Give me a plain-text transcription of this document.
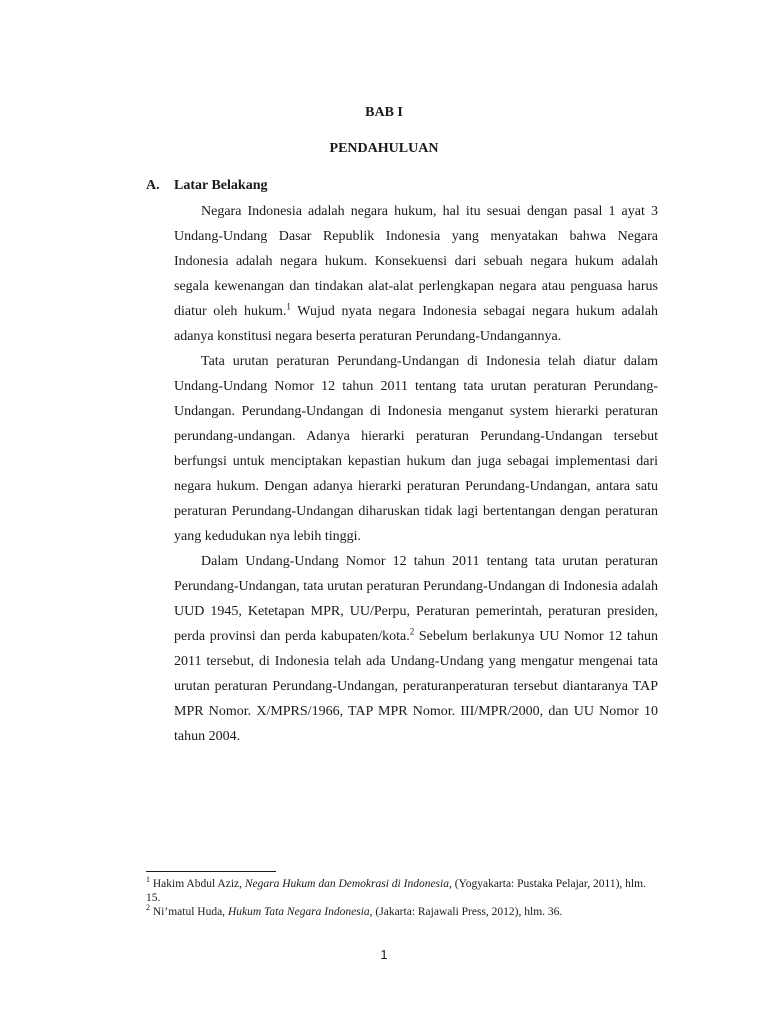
BAB I
PENDAHULUAN
A. Latar Belakang

Negara Indonesia adalah negara hukum, hal itu sesuai dengan pasal 1 ayat 3 Undang-Undang Dasar Republik Indonesia yang menyatakan bahwa Negara Indonesia adalah negara hukum. Konsekuensi dari sebuah negara hukum adalah segala kewenangan dan tindakan alat-alat perlengkapan negara atau penguasa harus diatur oleh hukum.$^1$ Wujud nyata negara Indonesia sebagai negara hukum adalah adanya konstitusi negara beserta peraturan Perundang-Undangannya.

Tata urutan peraturan Perundang-Undangan di Indonesia telah diatur dalam Undang-Undang Nomor 12 tahun 2011 tentang tata urutan peraturan Perundang-Undangan. Perundang-Undangan di Indonesia menganut system hierarki peraturan perundang-undangan. Adanya hierarki peraturan Perundang-Undangan tersebut berfungsi untuk menciptakan kepastian hukum dan juga sebagai implementasi dari negara hukum. Dengan adanya hierarki peraturan Perundang-Undangan, antara satu peraturan Perundang-Undangan diharuskan tidak lagi bertentangan dengan peraturan yang kedudukan nya lebih tinggi.

Dalam Undang-Undang Nomor 12 tahun 2011 tentang tata urutan peraturan Perundang-Undangan, tata urutan peraturan Perundang-Undangan di Indonesia adalah UUD 1945, Ketetapan MPR, UU/Perpu, Peraturan pemerintah, peraturan presiden, perda provinsi dan perda kabupaten/kota.$^2$ Sebelum berlakunya UU Nomor 12 tahun 2011 tersebut, di Indonesia telah ada Undang-Undang yang mengatur mengenai tata urutan peraturan Perundang-Undangan, peraturanperaturan tersebut diantaranya TAP MPR Nomor. X/MPRS/1966, TAP MPR Nomor. III/MPR/2000, dan UU Nomor 10 tahun 2004.

$^1$ Hakim Abdul Aziz, Negara Hukum dan Demokrasi di Indonesia, (Yogyakarta: Pustaka Pelajar, 2011), hlm. 15.

$^2$ Ni’matul Huda, Hukum Tata Negara Indonesia, (Jakarta: Rajawali Press, 2012), hlm. 36.

1
